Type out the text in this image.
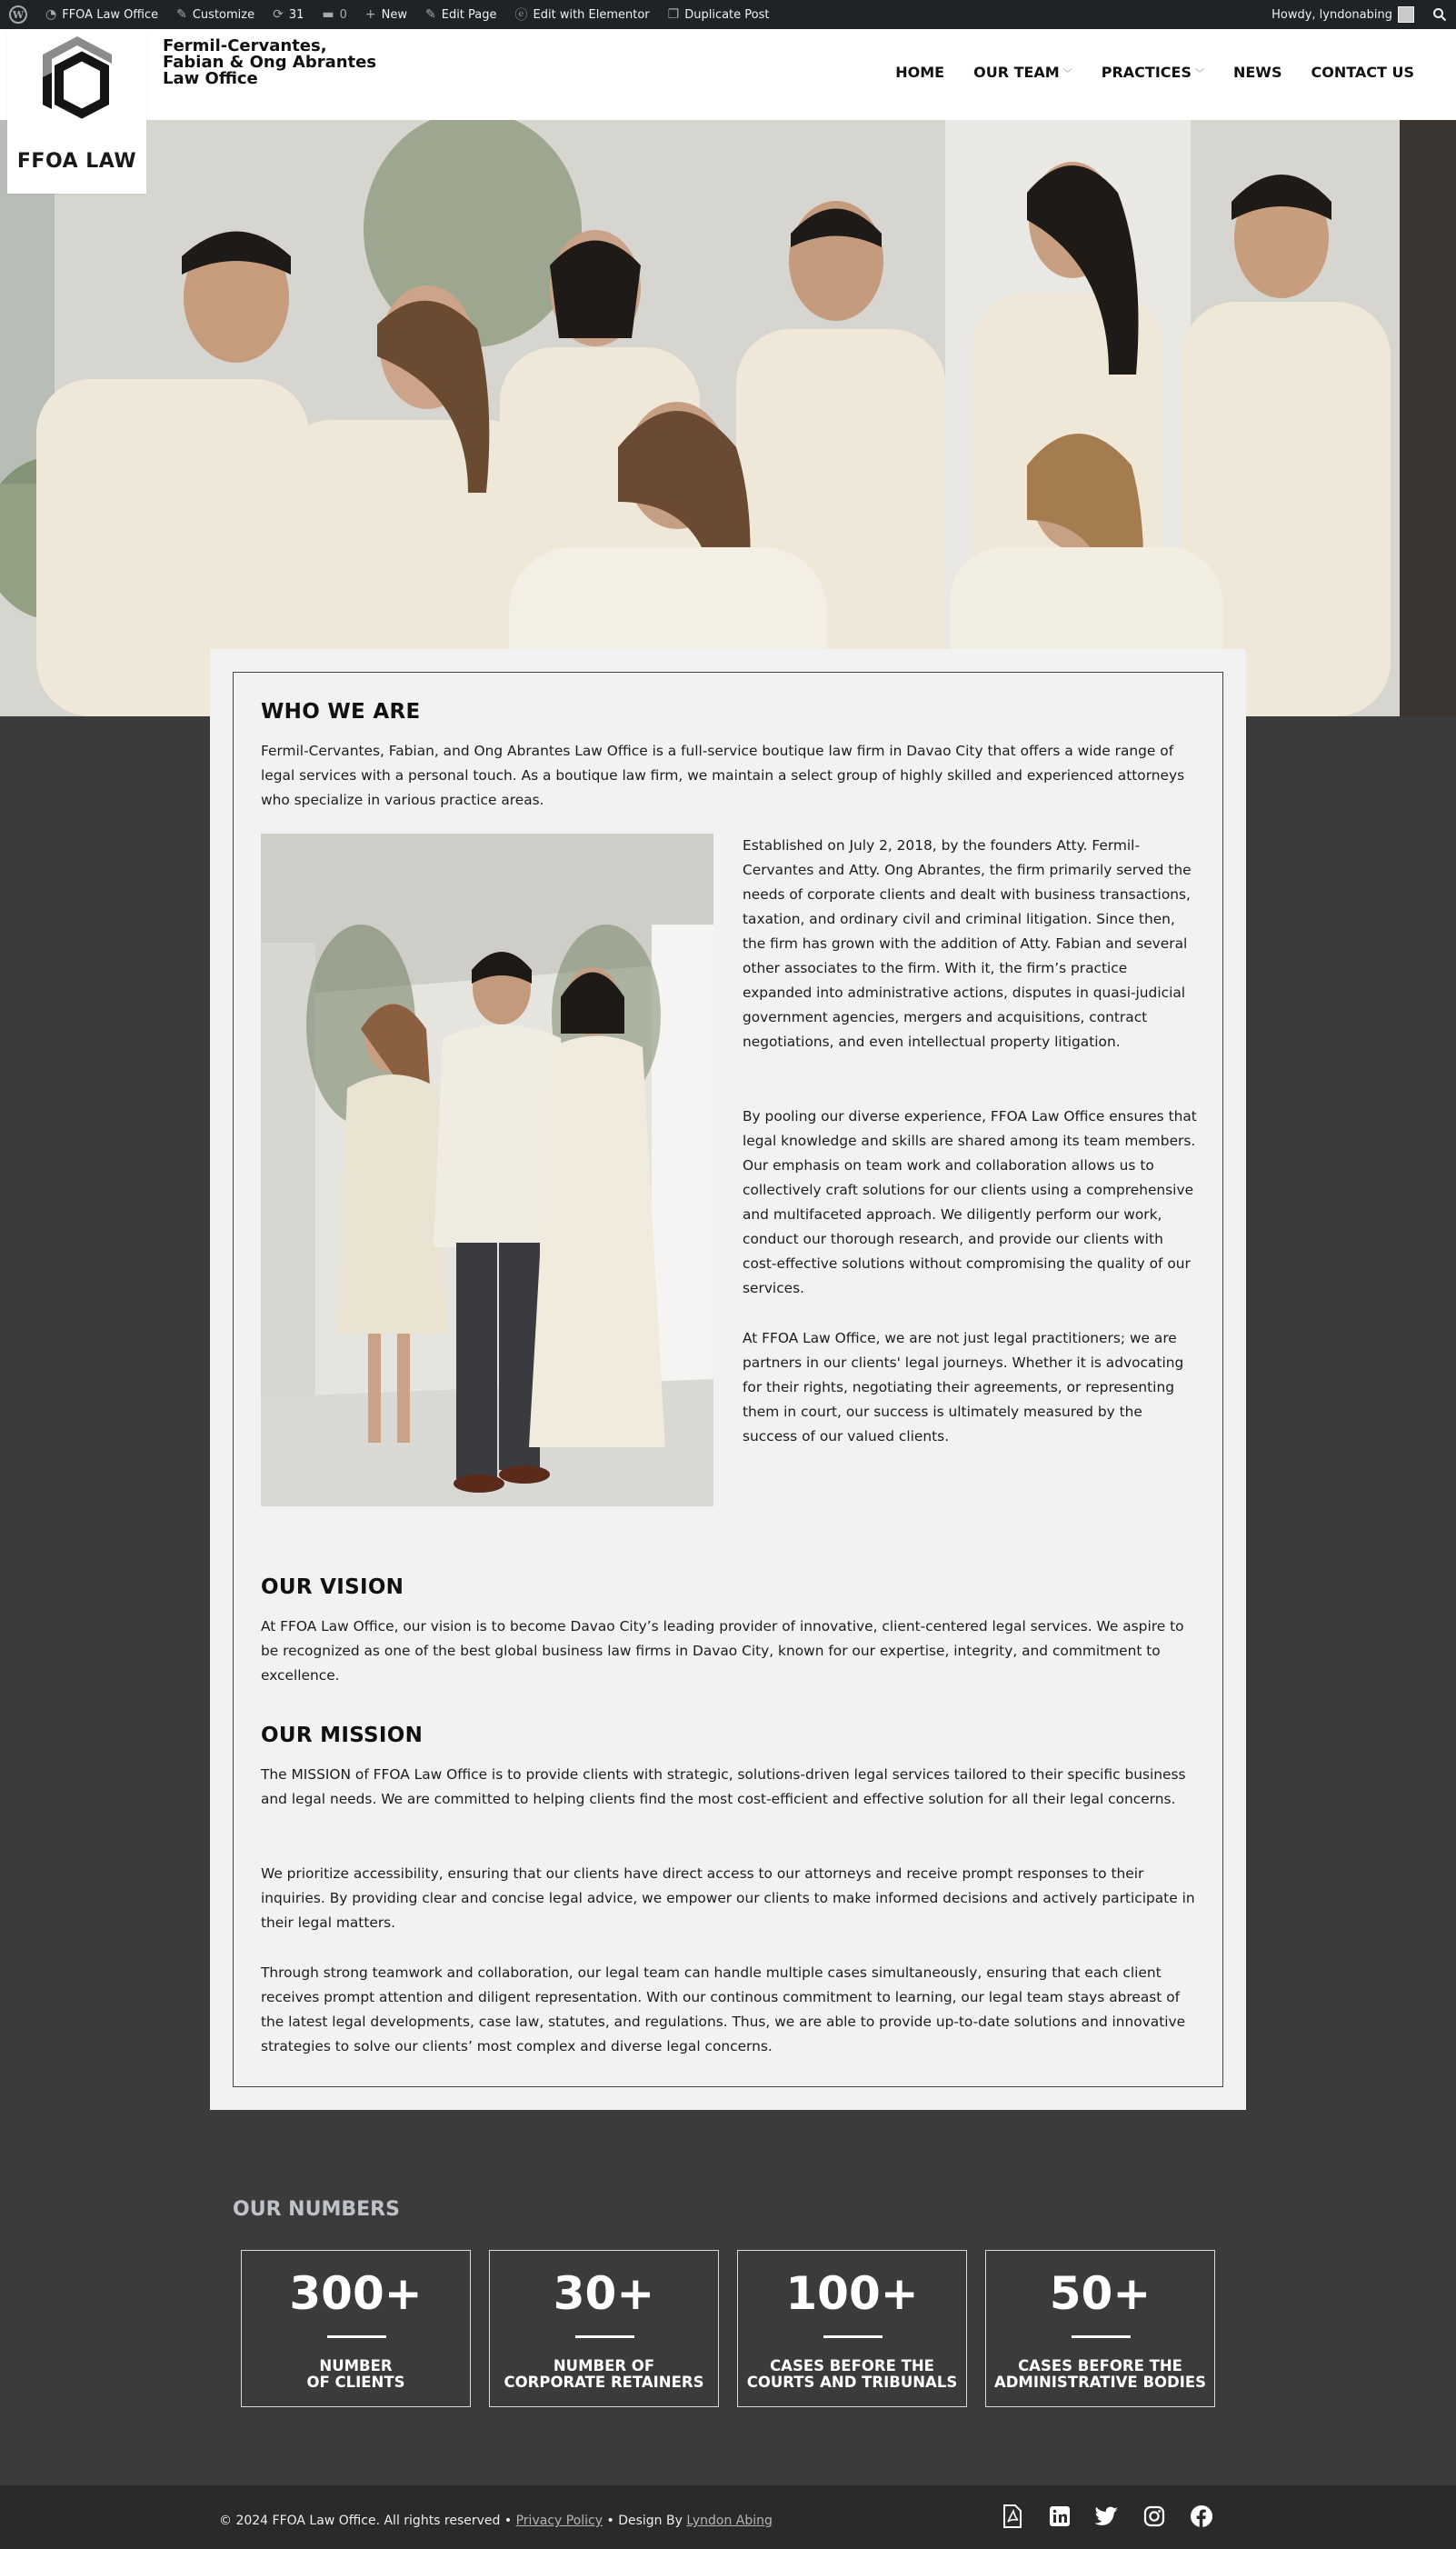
W ◔ FFOA Law Office ✎ Customize ⟳ 31 ▬ 0 + New ✎ Edit Page ⓔ Edit with Elementor ❐ Duplicate Post	Howdy, lyndonabing
FFOA LAW
Fermil-Cervantes,
Fabian & Ong Abrantes
Law Office	HOME OUR TEAM ﹀ PRACTICES ﹀ NEWS CONTACT US
WHO WE ARE
Fermil-Cervantes, Fabian, and Ong Abrantes Law Office is a full-service boutique law firm in Davao City that offers a wide range of legal services with a personal touch. As a boutique law firm, we maintain a select group of highly skilled and experienced attorneys who specialize in various practice areas.
Established on July 2, 2018, by the founders Atty. Fermil-Cervantes and Atty. Ong Abrantes, the firm primarily served the needs of corporate clients and dealt with business transactions, taxation, and ordinary civil and criminal litigation. Since then, the firm has grown with the addition of Atty. Fabian and several other associates to the firm. With it, the firm’s practice expanded into administrative actions, disputes in quasi-judicial government agencies, mergers and acquisitions, contract negotiations, and even intellectual property litigation.
By pooling our diverse experience, FFOA Law Office ensures that legal knowledge and skills are shared among its team members. Our emphasis on team work and collaboration allows us to collectively craft solutions for our clients using a comprehensive and multifaceted approach. We diligently perform our work, conduct our thorough research, and provide our clients with cost-effective solutions without compromising the quality of our services.
At FFOA Law Office, we are not just legal practitioners; we are partners in our clients' legal journeys. Whether it is advocating for their rights, negotiating their agreements, or representing them in court, our success is ultimately measured by the success of our valued clients.
OUR VISION
At FFOA Law Office, our vision is to become Davao City’s leading provider of innovative, client-centered legal services. We aspire to be recognized as one of the best global business law firms in Davao City, known for our expertise, integrity, and commitment to excellence.
OUR MISSION
The MISSION of FFOA Law Office is to provide clients with strategic, solutions-driven legal services tailored to their specific business and legal needs. We are committed to helping clients find the most cost-efficient and effective solution for all their legal concerns.
We prioritize accessibility, ensuring that our clients have direct access to our attorneys and receive prompt responses to their inquiries. By providing clear and concise legal advice, we empower our clients to make informed decisions and actively participate in their legal matters.
Through strong teamwork and collaboration, our legal team can handle multiple cases simultaneously, ensuring that each client receives prompt attention and diligent representation. With our continous commitment to learning, our legal team stays abreast of the latest legal developments, case law, statutes, and regulations. Thus, we are able to provide up-to-date solutions and innovative strategies to solve our clients’ most complex and diverse legal concerns.
OUR NUMBERS
300+
NUMBER
OF CLIENTS
30+
NUMBER OF
CORPORATE RETAINERS
100+
CASES BEFORE THE
COURTS AND TRIBUNALS
50+
CASES BEFORE THE
ADMINISTRATIVE BODIES
© 2024 FFOA Law Office. All rights reserved • Privacy Policy • Design By Lyndon Abing
